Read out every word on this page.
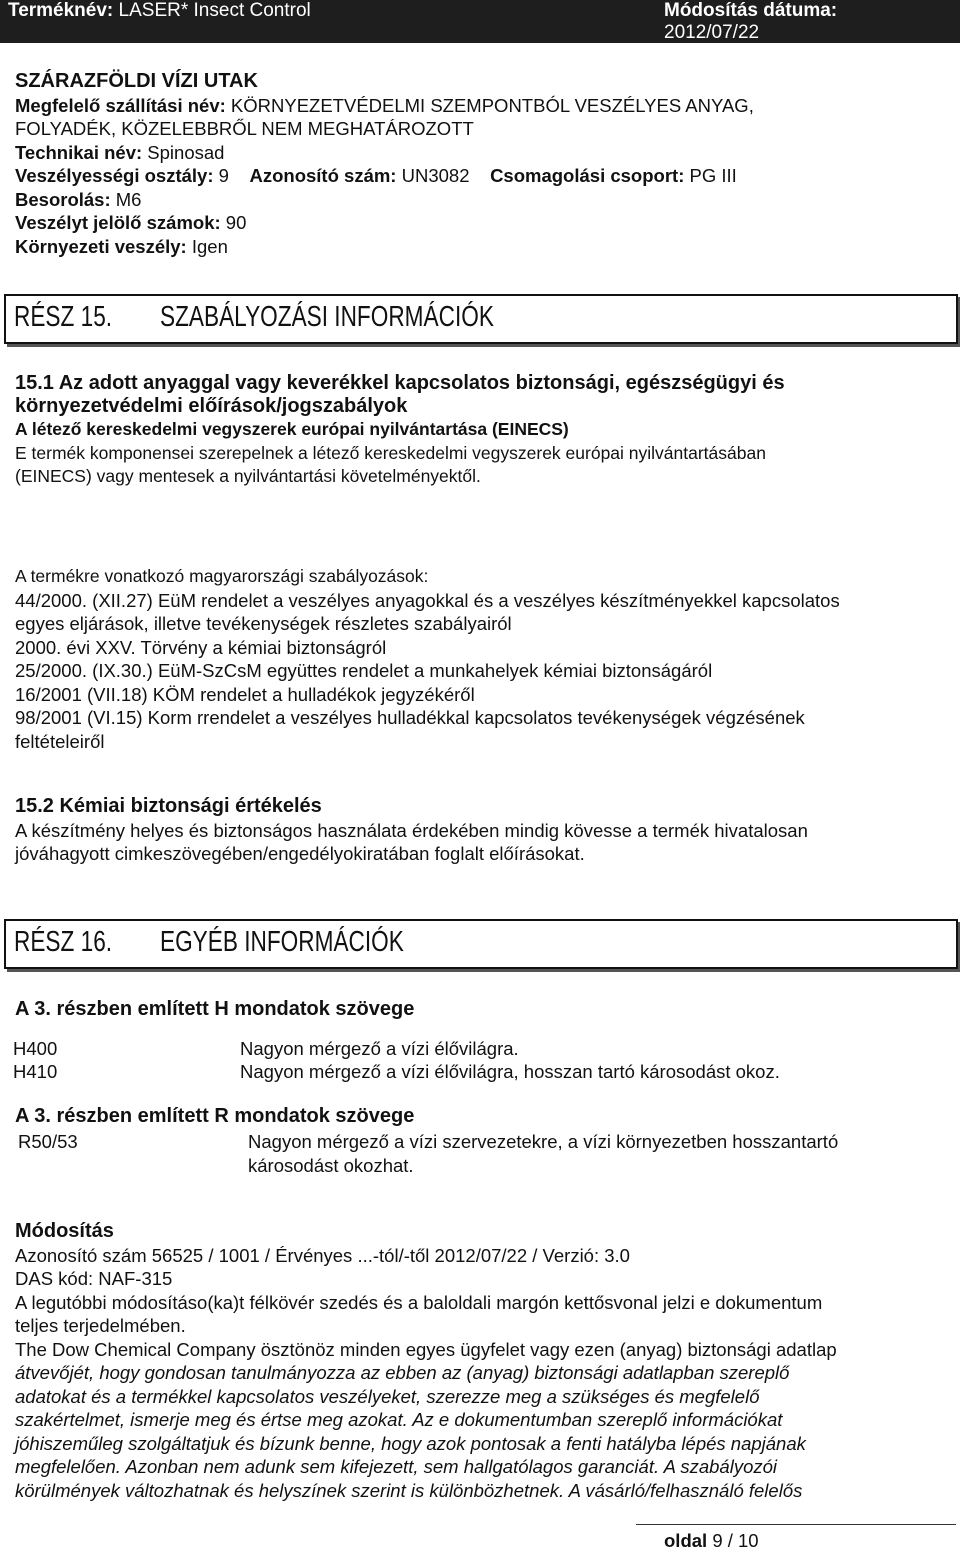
Terméknév: LASER* Insect Control	Módosítás dátuma:
2012/07/22
SZÁRAZFÖLDI VÍZI UTAK
Megfelelő szállítási név: KÖRNYEZETVÉDELMI SZEMPONTBÓL VESZÉLYES ANYAG,
FOLYADÉK, KÖZELEBBRŐL NEM MEGHATÁROZOTT
Technikai név: Spinosad
Veszélyességi osztály: 9 Azonosító szám: UN3082 Csomagolási csoport: PG III
Besorolás: M6
Veszélyt jelölő számok: 90
Környezeti veszély: Igen
RÉSZ 15. SZABÁLYOZÁSI INFORMÁCIÓK
15.1 Az adott anyaggal vagy keverékkel kapcsolatos biztonsági, egészségügyi és
környezetvédelmi előírások/jogszabályok
A létező kereskedelmi vegyszerek európai nyilvántartása (EINECS)
E termék komponensei szerepelnek a létező kereskedelmi vegyszerek európai nyilvántartásában
(EINECS) vagy mentesek a nyilvántartási követelményektől.
A termékre vonatkozó magyarországi szabályozások:
44/2000. (XII.27) EüM rendelet a veszélyes anyagokkal és a veszélyes készítményekkel kapcsolatos
egyes eljárások, illetve tevékenységek részletes szabályairól
2000. évi XXV. Törvény a kémiai biztonságról
25/2000. (IX.30.) EüM-SzCsM együttes rendelet a munkahelyek kémiai biztonságáról
16/2001 (VII.18) KÖM rendelet a hulladékok jegyzékéről
98/2001 (VI.15) Korm rrendelet a veszélyes hulladékkal kapcsolatos tevékenységek végzésének
feltételeiről
15.2 Kémiai biztonsági értékelés
A készítmény helyes és biztonságos használata érdekében mindig kövesse a termék hivatalosan
jóváhagyott cimkeszövegében/engedélyokiratában foglalt előírásokat.
RÉSZ 16. EGYÉB INFORMÁCIÓK
A 3. részben említett H mondatok szövege
H400	Nagyon mérgező a vízi élővilágra.
H410	Nagyon mérgező a vízi élővilágra, hosszan tartó károsodást okoz.
A 3. részben említett R mondatok szövege
R50/53	Nagyon mérgező a vízi szervezetekre, a vízi környezetben hosszantartó
károsodást okozhat.
Módosítás
Azonosító szám 56525 / 1001 / Érvényes ...-tól/-től 2012/07/22 / Verzió: 3.0
DAS kód: NAF-315
A legutóbbi módosításo(ka)t félkövér szedés és a baloldali margón kettősvonal jelzi e dokumentum
teljes terjedelmében.
The Dow Chemical Company ösztönöz minden egyes ügyfelet vagy ezen (anyag) biztonsági adatlap
átvevőjét, hogy gondosan tanulmányozza az ebben az (anyag) biztonsági adatlapban szereplő
adatokat és a termékkel kapcsolatos veszélyeket, szerezze meg a szükséges és megfelelő
szakértelmet, ismerje meg és értse meg azokat. Az e dokumentumban szereplő információkat
jóhiszeműleg szolgáltatjuk és bízunk benne, hogy azok pontosak a fenti hatályba lépés napjának
megfelelően. Azonban nem adunk sem kifejezett, sem hallgatólagos garanciát. A szabályozói
körülmények változhatnak és helyszínek szerint is különbözhetnek. A vásárló/felhasználó felelős
oldal 9 / 10
